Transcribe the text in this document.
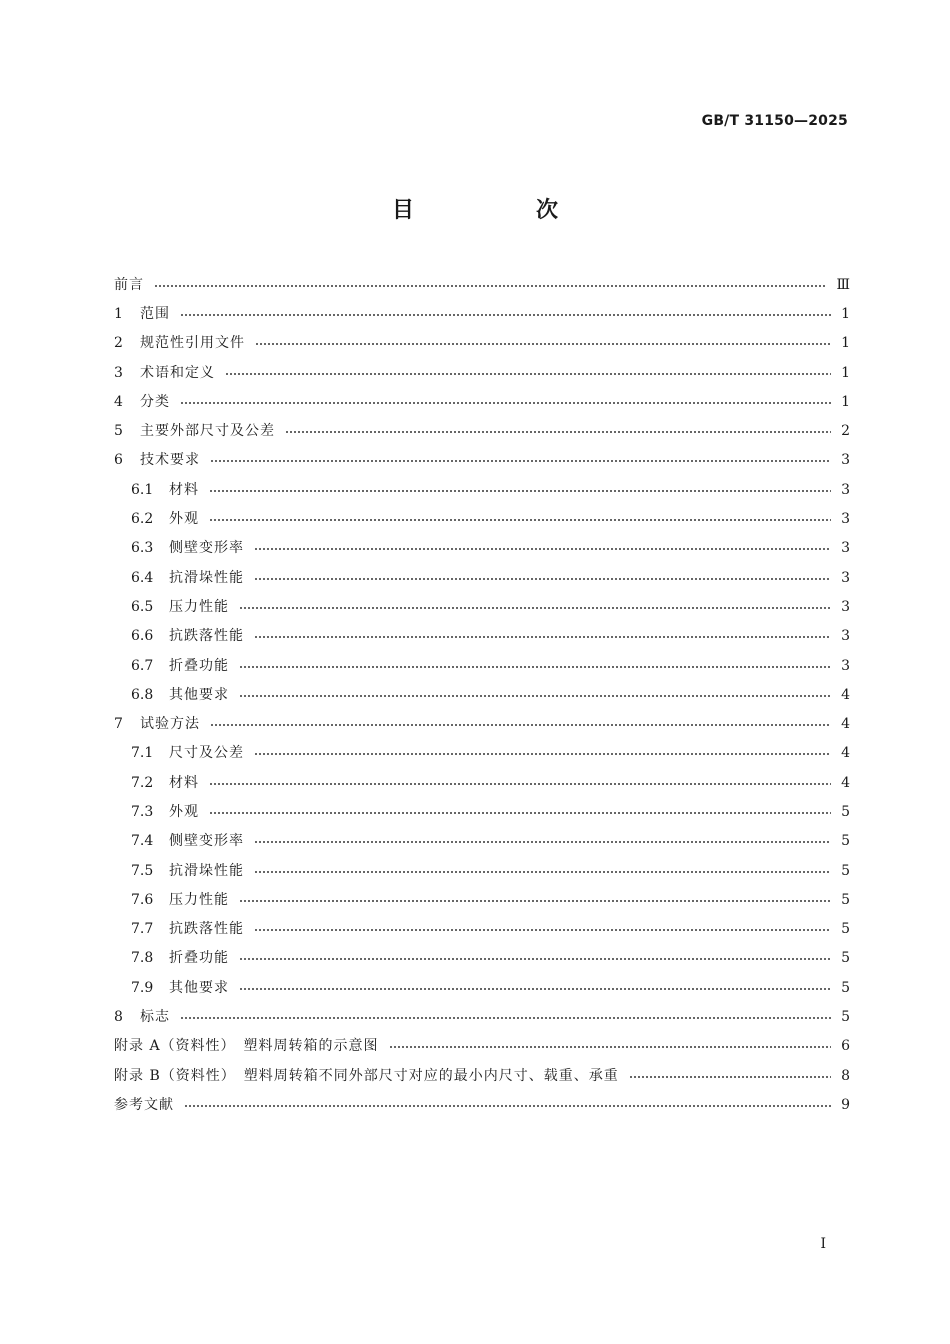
GB/T 31150—2025
目　次
前言	Ⅲ
1	范围	1
2	规范性引用文件	1
3	术语和定义	1
4	分类	1
5	主要外部尺寸及公差	2
6	技术要求	3
6.1	材料	3
6.2	外观	3
6.3	侧壁变形率	3
6.4	抗滑垛性能	3
6.5	压力性能	3
6.6	抗跌落性能	3
6.7	折叠功能	3
6.8	其他要求	4
7	试验方法	4
7.1	尺寸及公差	4
7.2	材料	4
7.3	外观	5
7.4	侧壁变形率	5
7.5	抗滑垛性能	5
7.6	压力性能	5
7.7	抗跌落性能	5
7.8	折叠功能	5
7.9	其他要求	5
8	标志	5
附录 A（资料性）　塑料周转箱的示意图	6
附录 B（资料性）　塑料周转箱不同外部尺寸对应的最小内尺寸、载重、承重	8
参考文献	9
Ⅰ
